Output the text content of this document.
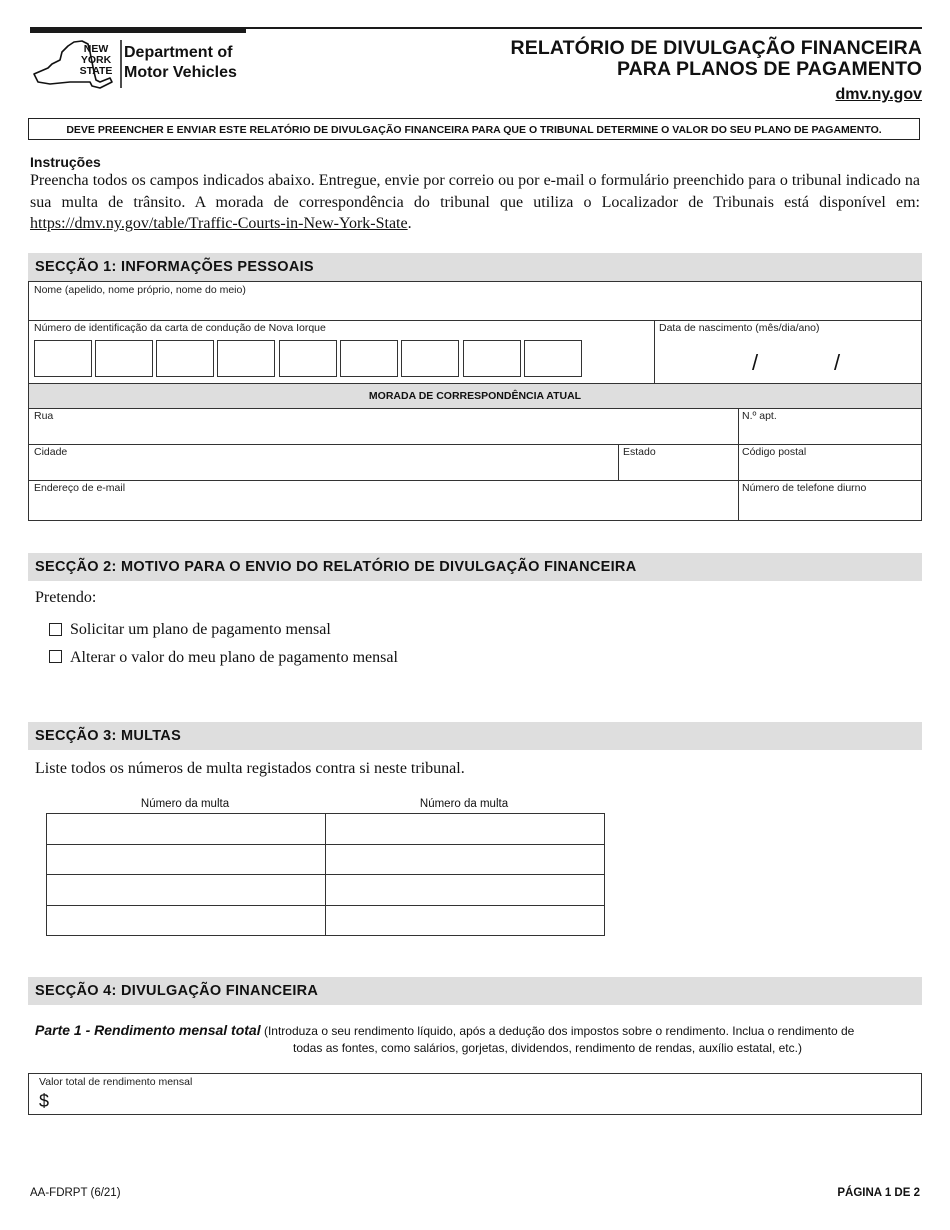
NEW
YORK
STATE
Department of
Motor Vehicles
RELATÓRIO DE DIVULGAÇÃO FINANCEIRA
PARA PLANOS DE PAGAMENTO
dmv.ny.gov
DEVE PREENCHER E ENVIAR ESTE RELATÓRIO DE DIVULGAÇÃO FINANCEIRA PARA QUE O TRIBUNAL DETERMINE O VALOR DO SEU PLANO DE PAGAMENTO.
Instruções
Preencha todos os campos indicados abaixo. Entregue, envie por correio ou por e-mail o formulário preenchido para o tribunal indicado na sua multa de trânsito. A morada de correspondência do tribunal que utiliza o Localizador de Tribunais está disponível em: https://dmv.ny.gov/table/Traffic-Courts-in-New-York-State.
SECÇÃO 1: INFORMAÇÕES PESSOAIS
Nome (apelido, nome próprio, nome do meio)
Número de identificação da carta de condução de Nova Iorque	Data de nascimento (mês/dia/ano)
/	/
MORADA DE CORRESPONDÊNCIA ATUAL
Rua	N.º apt.
Cidade	Estado	Código postal
Endereço de e-mail	Número de telefone diurno
SECÇÃO 2: MOTIVO PARA O ENVIO DO RELATÓRIO DE DIVULGAÇÃO FINANCEIRA
Pretendo:
Solicitar um plano de pagamento mensal
Alterar o valor do meu plano de pagamento mensal
SECÇÃO 3: MULTAS
Liste todos os números de multa registados contra si neste tribunal.
Número da multa	Número da multa
SECÇÃO 4: DIVULGAÇÃO FINANCEIRA
Parte 1 - Rendimento mensal total (Introduza o seu rendimento líquido, após a dedução dos impostos sobre o rendimento. Inclua o rendimento de
todas as fontes, como salários, gorjetas, dividendos, rendimento de rendas, auxílio estatal, etc.)
Valor total de rendimento mensal
$
AA-FDRPT (6/21)	PÁGINA 1 DE 2
